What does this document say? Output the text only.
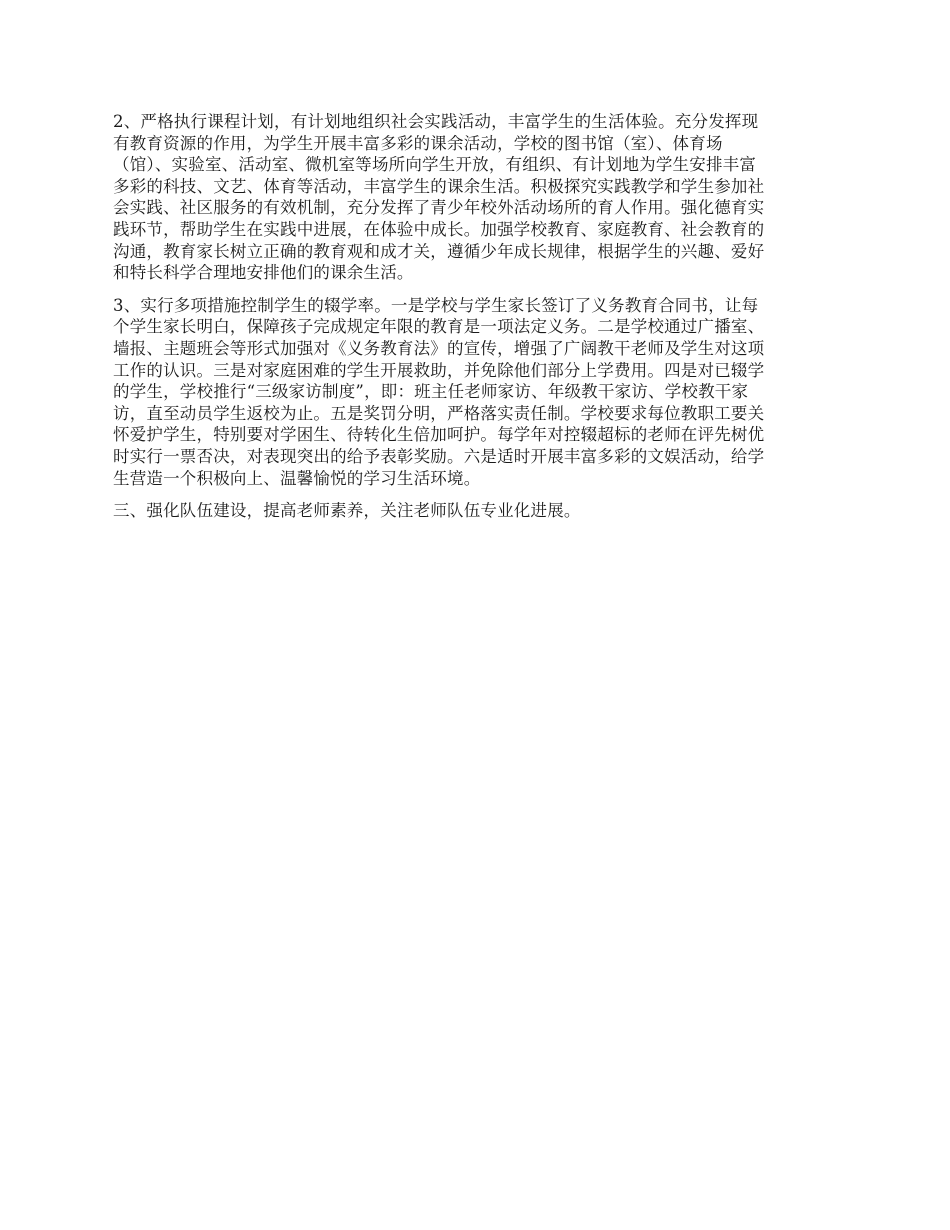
2、严格执行课程计划，有计划地组织社会实践活动，丰富学生的生活体验。充分发挥现
有教育资源的作用，为学生开展丰富多彩的课余活动，学校的图书馆（室）、体育场
（馆）、实验室、活动室、微机室等场所向学生开放，有组织、有计划地为学生安排丰富
多彩的科技、文艺、体育等活动，丰富学生的课余生活。积极探究实践教学和学生参加社
会实践、社区服务的有效机制，充分发挥了青少年校外活动场所的育人作用。强化德育实
践环节，帮助学生在实践中进展，在体验中成长。加强学校教育、家庭教育、社会教育的
沟通，教育家长树立正确的教育观和成才关，遵循少年成长规律，根据学生的兴趣、爱好
和特长科学合理地安排他们的课余生活。

3、实行多项措施控制学生的辍学率。一是学校与学生家长签订了义务教育合同书，让每
个学生家长明白，保障孩子完成规定年限的教育是一项法定义务。二是学校通过广播室、
墙报、主题班会等形式加强对《义务教育法》的宣传，增强了广阔教干老师及学生对这项
工作的认识。三是对家庭困难的学生开展救助，并免除他们部分上学费用。四是对已辍学
的学生，学校推行“三级家访制度”，即：班主任老师家访、年级教干家访、学校教干家
访，直至动员学生返校为止。五是奖罚分明，严格落实责任制。学校要求每位教职工要关
怀爱护学生，特别要对学困生、待转化生倍加呵护。每学年对控辍超标的老师在评先树优
时实行一票否决，对表现突出的给予表彰奖励。六是适时开展丰富多彩的文娱活动，给学
生营造一个积极向上、温馨愉悦的学习生活环境。

三、强化队伍建设，提高老师素养，关注老师队伍专业化进展。
